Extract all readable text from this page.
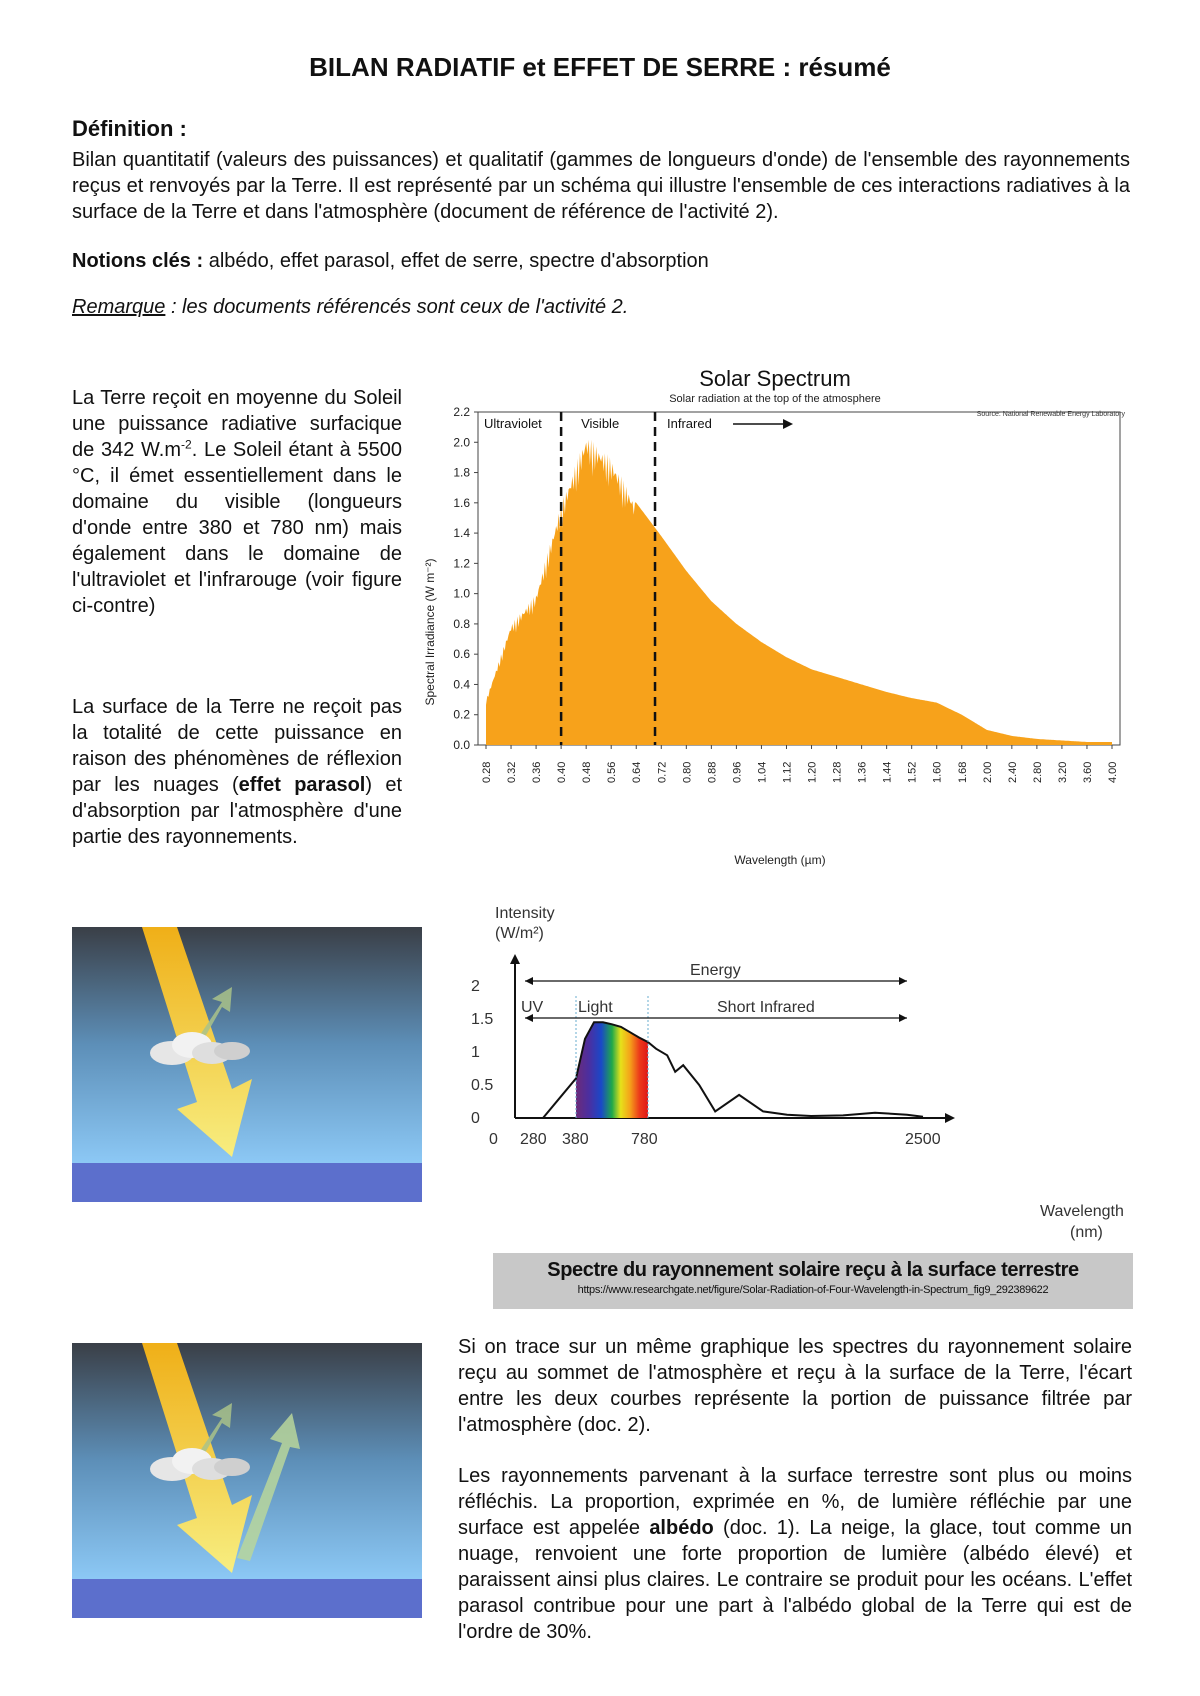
BILAN RADIATIF et EFFET DE SERRE : résumé
Définition :
Bilan quantitatif (valeurs des puissances) et qualitatif (gammes de longueurs d'onde) de l'ensemble des rayonnements reçus et renvoyés par la Terre. Il est représenté par un schéma qui illustre l'ensemble de ces interactions radiatives à la surface de la Terre et dans l'atmosphère (document de référence de l'activité 2).
Notions clés : albédo, effet parasol, effet de serre, spectre d'absorption
Remarque : les documents référencés sont ceux de l'activité 2.
La Terre reçoit en moyenne du Soleil une puissance radiative surfacique de 342 $W.m^{-2}$. Le Soleil étant à 5500 °C, il émet essentiellement dans le domaine du visible (longueurs d'onde entre 380 et 780 nm) mais également dans le domaine de l'ultraviolet et l'infrarouge (voir figure ci-contre)
La surface de la Terre ne reçoit pas la totalité de cette puissance en raison des phénomènes de réflexion par les nuages (effet parasol) et d'absorption par l'atmosphère d'une partie des rayonnements.
Solar Spectrum
Solar radiation at the top of the atmosphere
0.0
0.2
0.4
0.6
0.8
1.0
1.2
1.4
1.6
1.8
2.0
2.2
0.28 0.32 0.36 0.40 0.48 0.56 0.64 0.72 0.80 0.88 0.96 1.04 1.12 1.20 1.28 1.36 1.44 1.52 1.60 1.68 2.00 2.40 2.80 3.20 3.60 4.00
Ultraviolet	Visible	Infrared
Source: National Renewable Energy Laboratory
Wavelength (µm)
Spectral Irradiance (W m⁻²)
0
0.5
1
1.5
2
0 280 380	780	2500
Energy
UV Light	Short Infrared
Intensity
(W/m²)
Wavelength
(nm)
Spectre du rayonnement solaire reçu à la surface terrestre
https://www.researchgate.net/figure/Solar-Radiation-of-Four-Wavelength-in-Spectrum_fig9_292389622
Si on trace sur un même graphique les spectres du rayonnement solaire reçu au sommet de l'atmosphère et reçu à la surface de la Terre, l'écart entre les deux courbes représente la portion de puissance filtrée par l'atmosphère (doc. 2).
Les rayonnements parvenant à la surface terrestre sont plus ou moins réfléchis. La proportion, exprimée en %, de lumière réfléchie par une surface est appelée albédo (doc. 1). La neige, la glace, tout comme un nuage, renvoient une forte proportion de lumière (albédo élevé) et paraissent ainsi plus claires. Le contraire se produit pour les océans. L'effet parasol contribue pour une part à l'albédo global de la Terre qui est de l'ordre de 30%.
